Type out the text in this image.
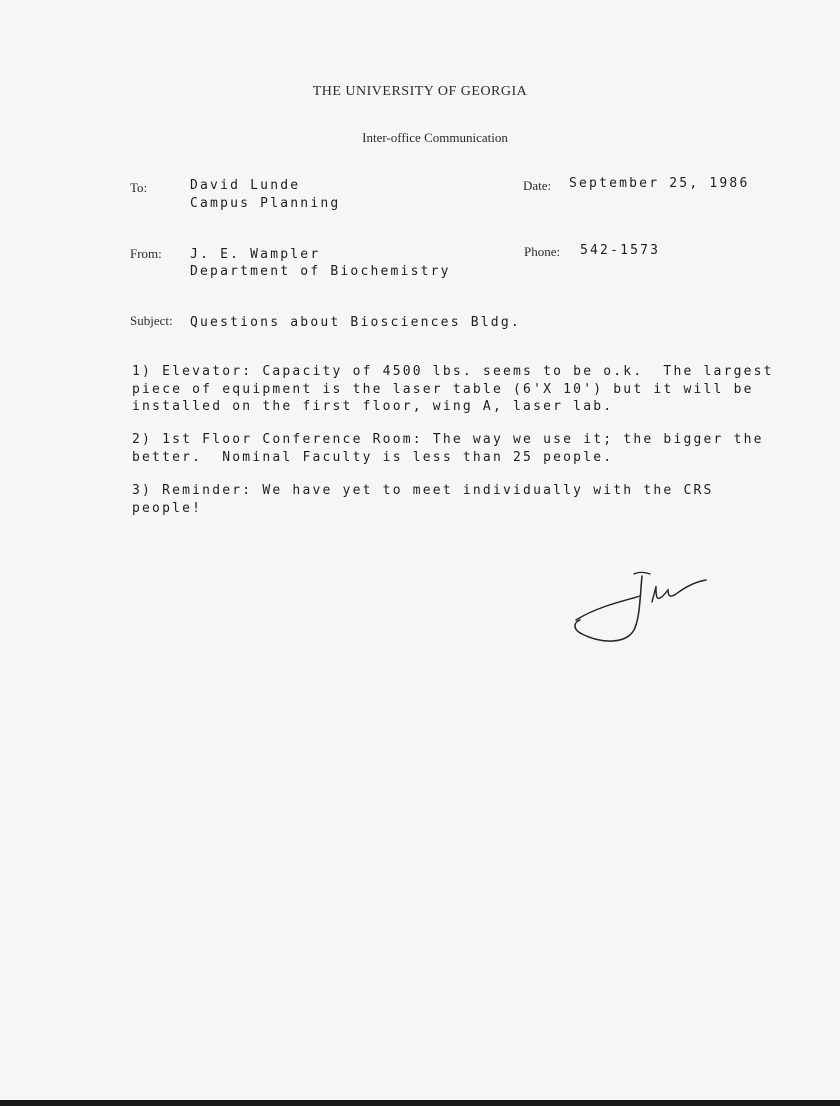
THE UNIVERSITY OF GEORGIA
Inter-office Communication
To:	David Lunde
Campus Planning
Date: September 25, 1986
From: J. E. Wampler
Department of Biochemistry
Phone: 542-1573
Subject: Questions about Biosciences Bldg.
1) Elevator: Capacity of 4500 lbs. seems to be o.k.  The largest
piece of equipment is the laser table (6'X 10') but it will be
installed on the first floor, wing A, laser lab.
2) 1st Floor Conference Room: The way we use it; the bigger the
better.  Nominal Faculty is less than 25 people.
3) Reminder: We have yet to meet individually with the CRS
people!
